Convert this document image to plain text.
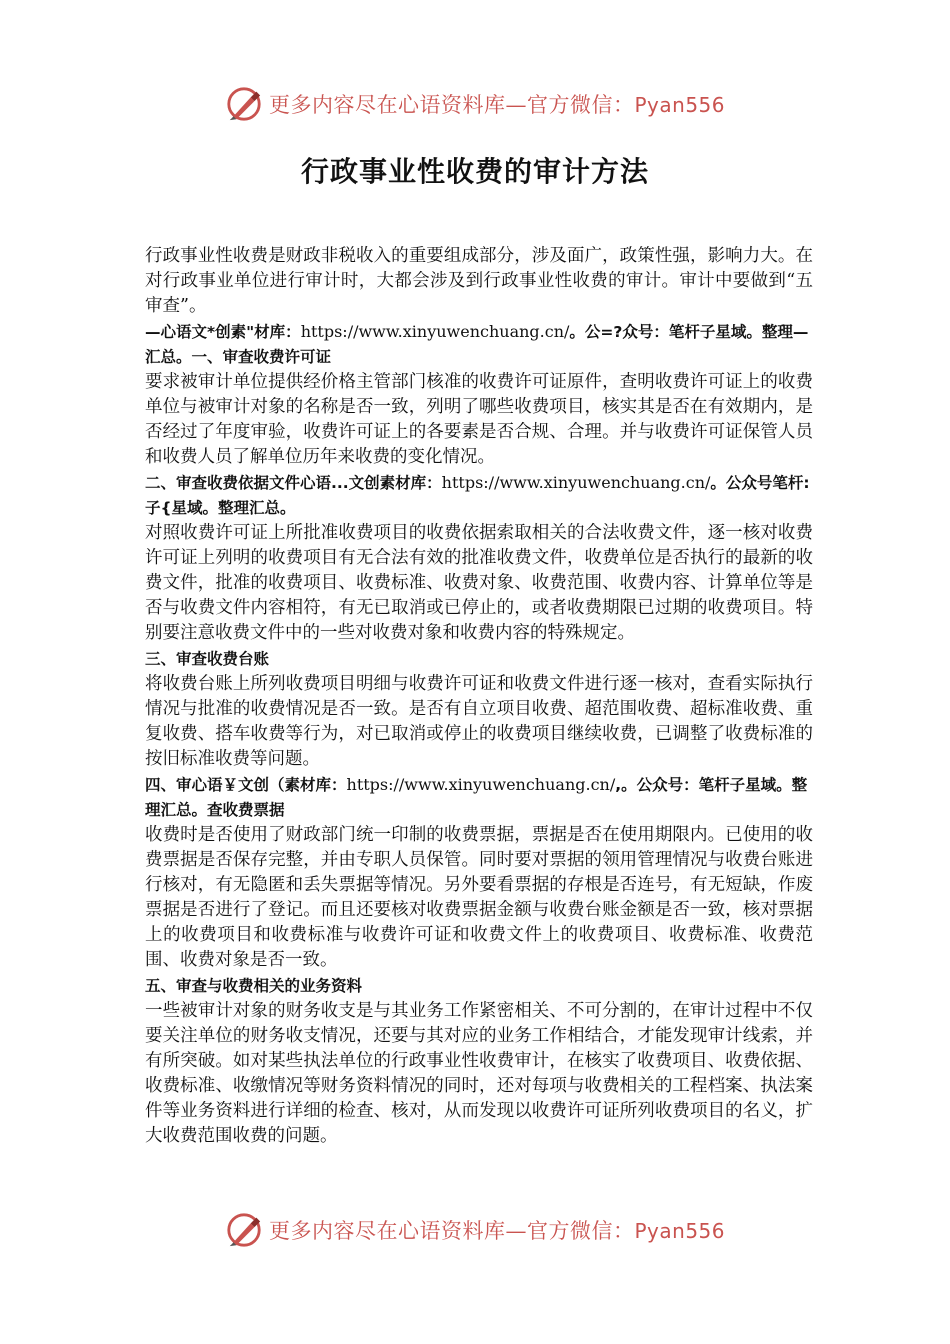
更多内容尽在心语资料库—官方微信：Pyan556
行政事业性收费的审计方法

行政事业性收费是财政非税收入的重要组成部分，涉及面广，政策性强，影响力大。在对行政事业单位进行审计时，大都会涉及到行政事业性收费的审计。审计中要做到“五审查”。

—心语文*创素"材库：https://www.xinyuwenchuang.cn/。公=?众号：笔杆子星域。整理—汇总。一、审查收费许可证

要求被审计单位提供经价格主管部门核准的收费许可证原件，查明收费许可证上的收费单位与被审计对象的名称是否一致，列明了哪些收费项目，核实其是否在有效期内，是否经过了年度审验，收费许可证上的各要素是否合规、合理。并与收费许可证保管人员和收费人员了解单位历年来收费的变化情况。

二、审查收费依据文件心语...文创素材库：https://www.xinyuwenchuang.cn/。公众号笔杆:子{星域。整理汇总。

对照收费许可证上所批准收费项目的收费依据索取相关的合法收费文件，逐一核对收费许可证上列明的收费项目有无合法有效的批准收费文件，收费单位是否执行的最新的收费文件，批准的收费项目、收费标准、收费对象、收费范围、收费内容、计算单位等是否与收费文件内容相符，有无已取消或已停止的，或者收费期限已过期的收费项目。特别要注意收费文件中的一些对收费对象和收费内容的特殊规定。

三、审查收费台账

将收费台账上所列收费项目明细与收费许可证和收费文件进行逐一核对，查看实际执行情况与批准的收费情况是否一致。是否有自立项目收费、超范围收费、超标准收费、重复收费、搭车收费等行为，对已取消或停止的收费项目继续收费，已调整了收费标准的按旧标准收费等问题。

四、审心语￥文创（素材库：https://www.xinyuwenchuang.cn/,。公众号：笔杆子星域。整理汇总。查收费票据

收费时是否使用了财政部门统一印制的收费票据，票据是否在使用期限内。已使用的收费票据是否保存完整，并由专职人员保管。同时要对票据的领用管理情况与收费台账进行核对，有无隐匿和丢失票据等情况。另外要看票据的存根是否连号，有无短缺，作废票据是否进行了登记。而且还要核对收费票据金额与收费台账金额是否一致，核对票据上的收费项目和收费标准与收费许可证和收费文件上的收费项目、收费标准、收费范围、收费对象是否一致。

五、审查与收费相关的业务资料

一些被审计对象的财务收支是与其业务工作紧密相关、不可分割的，在审计过程中不仅要关注单位的财务收支情况，还要与其对应的业务工作相结合，才能发现审计线索，并有所突破。如对某些执法单位的行政事业性收费审计，在核实了收费项目、收费依据、收费标准、收缴情况等财务资料情况的同时，还对每项与收费相关的工程档案、执法案件等业务资料进行详细的检查、核对，从而发现以收费许可证所列收费项目的名义，扩大收费范围收费的问题。

更多内容尽在心语资料库—官方微信：Pyan556
